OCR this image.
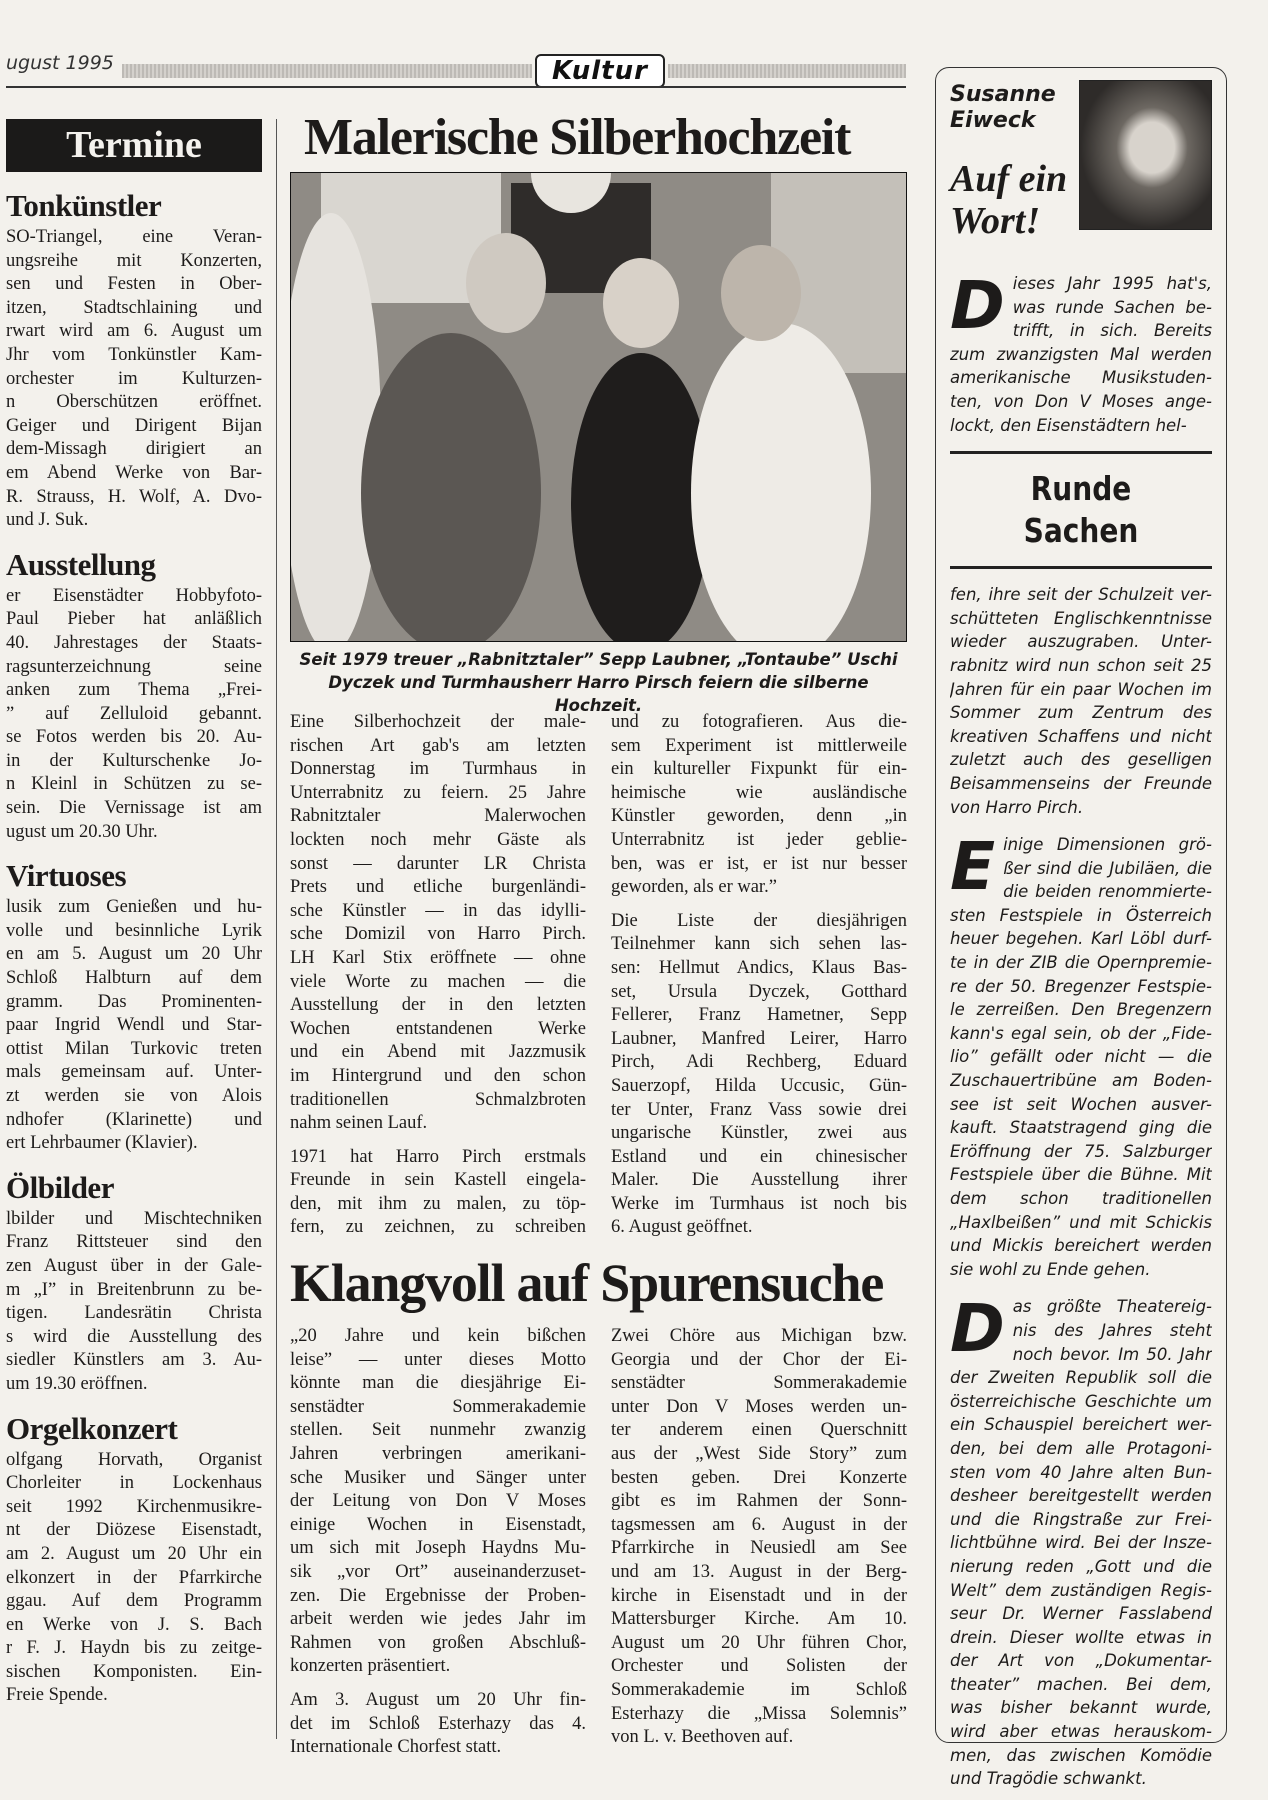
ugust 1995	Kultur
Termine
Tonkünstler
SO-Triangel, eine Veran-
ungsreihe mit Konzerten,
sen und Festen in Ober-
itzen, Stadtschlaining und
rwart wird am 6. August um
Jhr vom Tonkünstler Kam-
orchester im Kulturzen-
n Oberschützen eröffnet.
Geiger und Dirigent Bijan
dem-Missagh dirigiert an
em Abend Werke von Bar-
R. Strauss, H. Wolf, A. Dvo-
und J. Suk.
Ausstellung
er Eisenstädter Hobbyfoto-
Paul Pieber hat anläßlich
40. Jahrestages der Staats-
ragsunterzeichnung seine
anken zum Thema „Frei-
” auf Zelluloid gebannt.
se Fotos werden bis 20. Au-
in der Kulturschenke Jo-
n Kleinl in Schützen zu se-
sein. Die Vernissage ist am
ugust um 20.30 Uhr.
Virtuoses
lusik zum Genießen und hu-
volle und besinnliche Lyrik
en am 5. August um 20 Uhr
Schloß Halbturn auf dem
gramm. Das Prominenten-
paar Ingrid Wendl und Star-
ottist Milan Turkovic treten
mals gemeinsam auf. Unter-
zt werden sie von Alois
ndhofer (Klarinette) und
ert Lehrbaumer (Klavier).
Ölbilder
lbilder und Mischtechniken
Franz Rittsteuer sind den
zen August über in der Gale-
m „I” in Breitenbrunn zu be-
tigen. Landesrätin Christa
s wird die Ausstellung des
siedler Künstlers am 3. Au-
um 19.30 eröffnen.
Orgelkonzert
olfgang Horvath, Organist
Chorleiter in Lockenhaus
seit 1992 Kirchenmusikre-
nt der Diözese Eisenstadt,
am 2. August um 20 Uhr ein
elkonzert in der Pfarrkirche
ggau. Auf dem Programm
en Werke von J. S. Bach
r F. J. Haydn bis zu zeitge-
sischen Komponisten. Ein-
Freie Spende.
Malerische Silberhochzeit
Seit 1979 treuer „Rabnitztaler” Sepp Laubner, „Tontaube” Uschi Dyczek und Turmhausherr Harro Pirsch feiern die silberne Hochzeit.
Eine Silberhochzeit der male-
rischen Art gab's am letzten
Donnerstag im Turmhaus in
Unterrabnitz zu feiern. 25 Jahre
Rabnitztaler Malerwochen
lockten noch mehr Gäste als
sonst — darunter LR Christa
Prets und etliche burgenländi-
sche Künstler — in das idylli-
sche Domizil von Harro Pirch.
LH Karl Stix eröffnete — ohne
viele Worte zu machen — die
Ausstellung der in den letzten
Wochen entstandenen Werke
und ein Abend mit Jazzmusik
im Hintergrund und den schon
traditionellen Schmalzbroten
nahm seinen Lauf.
1971 hat Harro Pirch erstmals
Freunde in sein Kastell eingela-
den, mit ihm zu malen, zu töp-
fern, zu zeichnen, zu schreiben
und zu fotografieren. Aus die-
sem Experiment ist mittlerweile
ein kultureller Fixpunkt für ein-
heimische wie ausländische
Künstler geworden, denn „in
Unterrabnitz ist jeder geblie-
ben, was er ist, er ist nur besser
geworden, als er war.”
Die Liste der diesjährigen
Teilnehmer kann sich sehen las-
sen: Hellmut Andics, Klaus Bas-
set, Ursula Dyczek, Gotthard
Fellerer, Franz Hametner, Sepp
Laubner, Manfred Leirer, Harro
Pirch, Adi Rechberg, Eduard
Sauerzopf, Hilda Uccusic, Gün-
ter Unter, Franz Vass sowie drei
ungarische Künstler, zwei aus
Estland und ein chinesischer
Maler. Die Ausstellung ihrer
Werke im Turmhaus ist noch bis
6. August geöffnet.
Klangvoll auf Spurensuche
„20 Jahre und kein bißchen
leise” — unter dieses Motto
könnte man die diesjährige Ei-
senstädter Sommerakademie
stellen. Seit nunmehr zwanzig
Jahren verbringen amerikani-
sche Musiker und Sänger unter
der Leitung von Don V Moses
einige Wochen in Eisenstadt,
um sich mit Joseph Haydns Mu-
sik „vor Ort” auseinanderzuset-
zen. Die Ergebnisse der Proben-
arbeit werden wie jedes Jahr im
Rahmen von großen Abschluß-
konzerten präsentiert.
Am 3. August um 20 Uhr fin-
det im Schloß Esterhazy das 4.
Internationale Chorfest statt.
Zwei Chöre aus Michigan bzw.
Georgia und der Chor der Ei-
senstädter Sommerakademie
unter Don V Moses werden un-
ter anderem einen Querschnitt
aus der „West Side Story” zum
besten geben. Drei Konzerte
gibt es im Rahmen der Sonn-
tagsmessen am 6. August in der
Pfarrkirche in Neusiedl am See
und am 13. August in der Berg-
kirche in Eisenstadt und in der
Mattersburger Kirche. Am 10.
August um 20 Uhr führen Chor,
Orchester und Solisten der
Sommerakademie im Schloß
Esterhazy die „Missa Solemnis”
von L. v. Beethoven auf.
Susanne Eiweck
Auf ein Wort!
D ieses Jahr 1995 hat's,
was runde Sachen be-
trifft, in sich. Bereits
zum zwanzigsten Mal werden
amerikanische Musikstuden-
ten, von Don V Moses ange-
lockt, den Eisenstädtern hel-
Runde Sachen
fen, ihre seit der Schulzeit ver-
schütteten Englischkenntnisse
wieder auszugraben. Unter-
rabnitz wird nun schon seit 25
Jahren für ein paar Wochen im
Sommer zum Zentrum des
kreativen Schaffens und nicht
zuletzt auch des geselligen
Beisammenseins der Freunde
von Harro Pirch.
E inige Dimensionen grö-
ßer sind die Jubiläen, die
die beiden renommierte-
sten Festspiele in Österreich
heuer begehen. Karl Löbl durf-
te in der ZIB die Opernpremie-
re der 50. Bregenzer Festspie-
le zerreißen. Den Bregenzern
kann's egal sein, ob der „Fide-
lio” gefällt oder nicht — die
Zuschauertribüne am Boden-
see ist seit Wochen ausver-
kauft. Staatstragend ging die
Eröffnung der 75. Salzburger
Festspiele über die Bühne. Mit
dem schon traditionellen
„Haxlbeißen” und mit Schickis
und Mickis bereichert werden
sie wohl zu Ende gehen.
D as größte Theatereig-
nis des Jahres steht
noch bevor. Im 50. Jahr
der Zweiten Republik soll die
österreichische Geschichte um
ein Schauspiel bereichert wer-
den, bei dem alle Protagoni-
sten vom 40 Jahre alten Bun-
desheer bereitgestellt werden
und die Ringstraße zur Frei-
lichtbühne wird. Bei der Insze-
nierung reden „Gott und die
Welt” dem zuständigen Regis-
seur Dr. Werner Fasslabend
drein. Dieser wollte etwas in
der Art von „Dokumentar-
theater” machen. Bei dem,
was bisher bekannt wurde,
wird aber etwas herauskom-
men, das zwischen Komödie
und Tragödie schwankt.
